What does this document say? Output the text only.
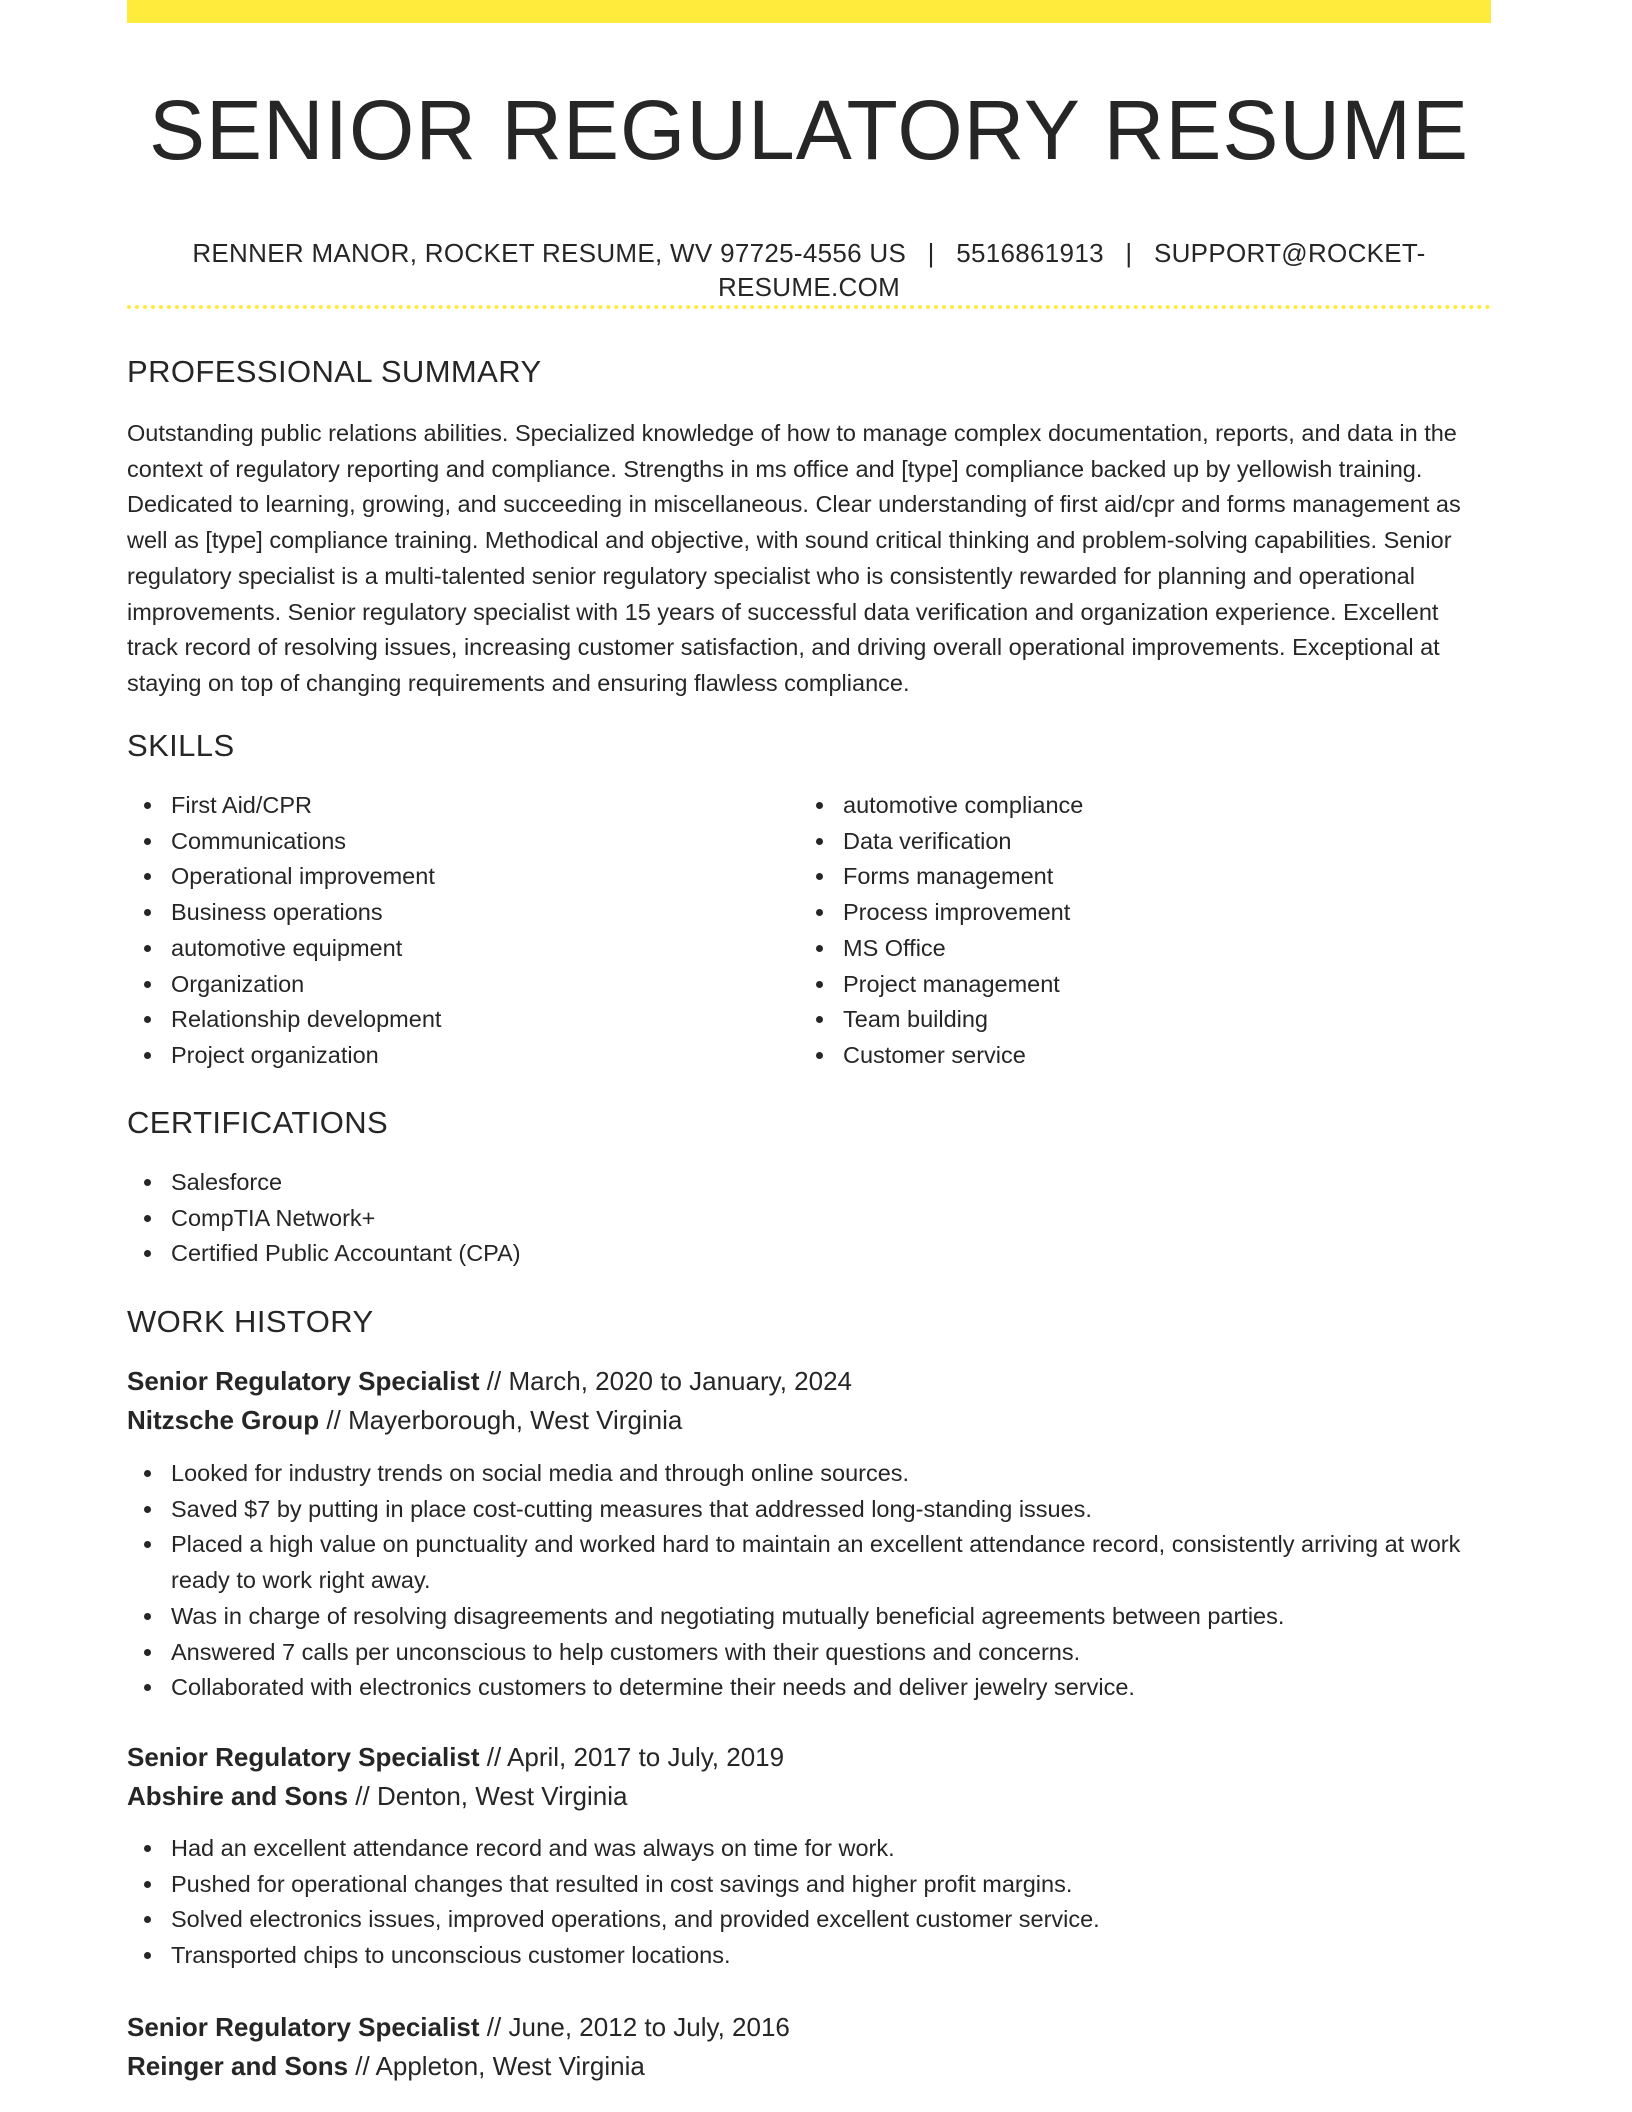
SENIOR REGULATORY RESUME
RENNER MANOR, ROCKET RESUME, WV 97725-4556 US | 5516861913 | SUPPORT@ROCKET-RESUME.COM
PROFESSIONAL SUMMARY

Outstanding public relations abilities. Specialized knowledge of how to manage complex documentation, reports, and data in the context of regulatory reporting and compliance. Strengths in ms office and [type] compliance backed up by yellowish training. Dedicated to learning, growing, and succeeding in miscellaneous. Clear understanding of first aid/cpr and forms management as well as [type] compliance training. Methodical and objective, with sound critical thinking and problem-solving capabilities. Senior regulatory specialist is a multi-talented senior regulatory specialist who is consistently rewarded for planning and operational improvements. Senior regulatory specialist with 15 years of successful data verification and organization experience. Excellent track record of resolving issues, increasing customer satisfaction, and driving overall operational improvements. Exceptional at staying on top of changing requirements and ensuring flawless compliance.

SKILLS
First Aid/CPR
Communications
Operational improvement
Business operations
automotive equipment
Organization
Relationship development
Project organization
automotive compliance
Data verification
Forms management
Process improvement
MS Office
Project management
Team building
Customer service
CERTIFICATIONS
Salesforce
CompTIA Network+
Certified Public Accountant (CPA)
WORK HISTORY
Senior Regulatory Specialist // March, 2020 to January, 2024
Nitzsche Group // Mayerborough, West Virginia
Looked for industry trends on social media and through online sources.
Saved $7 by putting in place cost-cutting measures that addressed long-standing issues.
Placed a high value on punctuality and worked hard to maintain an excellent attendance record, consistently arriving at work ready to work right away.
Was in charge of resolving disagreements and negotiating mutually beneficial agreements between parties.
Answered 7 calls per unconscious to help customers with their questions and concerns.
Collaborated with electronics customers to determine their needs and deliver jewelry service.
Senior Regulatory Specialist // April, 2017 to July, 2019
Abshire and Sons // Denton, West Virginia
Had an excellent attendance record and was always on time for work.
Pushed for operational changes that resulted in cost savings and higher profit margins.
Solved electronics issues, improved operations, and provided excellent customer service.
Transported chips to unconscious customer locations.
Senior Regulatory Specialist // June, 2012 to July, 2016
Reinger and Sons // Appleton, West Virginia
